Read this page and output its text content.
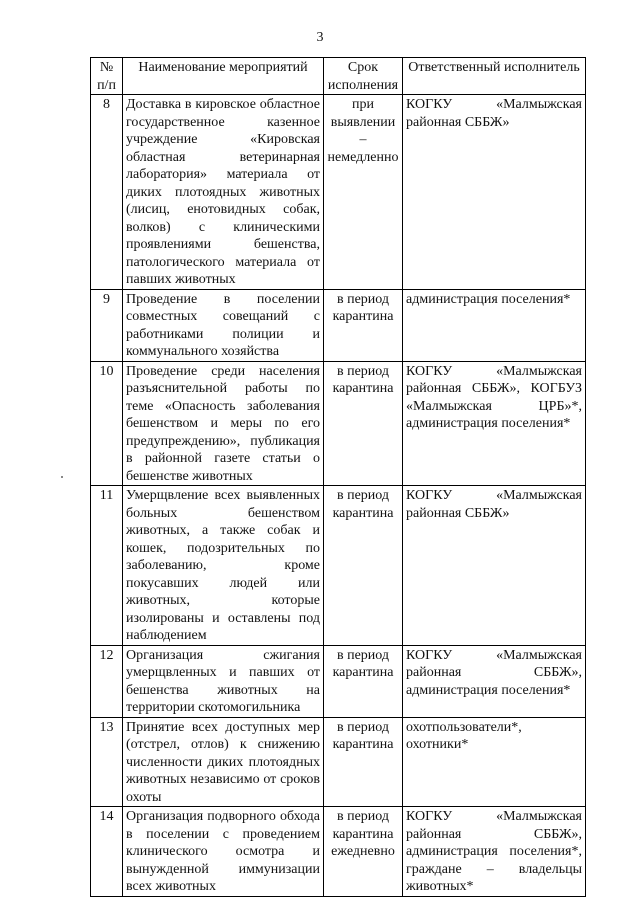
3
№ п/п	Наименование мероприятий	Срок исполнения	Ответственный исполнитель
8	Доставка в кировское областное государственное казенное учреждение «Кировская областная ветеринарная лаборатория» материала от диких плотоядных животных (лисиц, енотовидных собак, волков) с клиническими проявлениями бешенства, патологического материала от павших животных	при выявлении – немедленно	КОГКУ «Малмыжская районная СББЖ»
9	Проведение в поселении совместных совещаний с работниками полиции и коммунального хозяйства	в период карантина	администрация поселения*
10	Проведение среди населения разъяснительной работы по теме «Опасность заболевания бешенством и меры по его предупреждению», публикация в районной газете статьи о бешенстве животных	в период карантина	КОГКУ «Малмыжская районная СББЖ», КОГБУЗ «Малмыжская ЦРБ»*, администрация поселения*
11	Умерщвление всех выявленных больных бешенством животных, а также собак и кошек, подозрительных по заболеванию, кроме покусавших людей или животных, которые изолированы и оставлены под наблюдением	в период карантина	КОГКУ «Малмыжская районная СББЖ»
12	Организация сжигания умерщвленных и павших от бешенства животных на территории скотомогильника	в период карантина	КОГКУ «Малмыжская районная СББЖ», администрация поселения*
13	Принятие всех доступных мер (отстрел, отлов) к снижению численности диких плотоядных животных независимо от сроков охоты	в период карантина	охотпользователи*, охотники*
14	Организация подворного обхода в поселении с проведением клинического осмотра и вынужденной иммунизации всех животных	в период карантина ежедневно	КОГКУ «Малмыжская районная СББЖ», администрация поселения*, граждане – владельцы животных*
